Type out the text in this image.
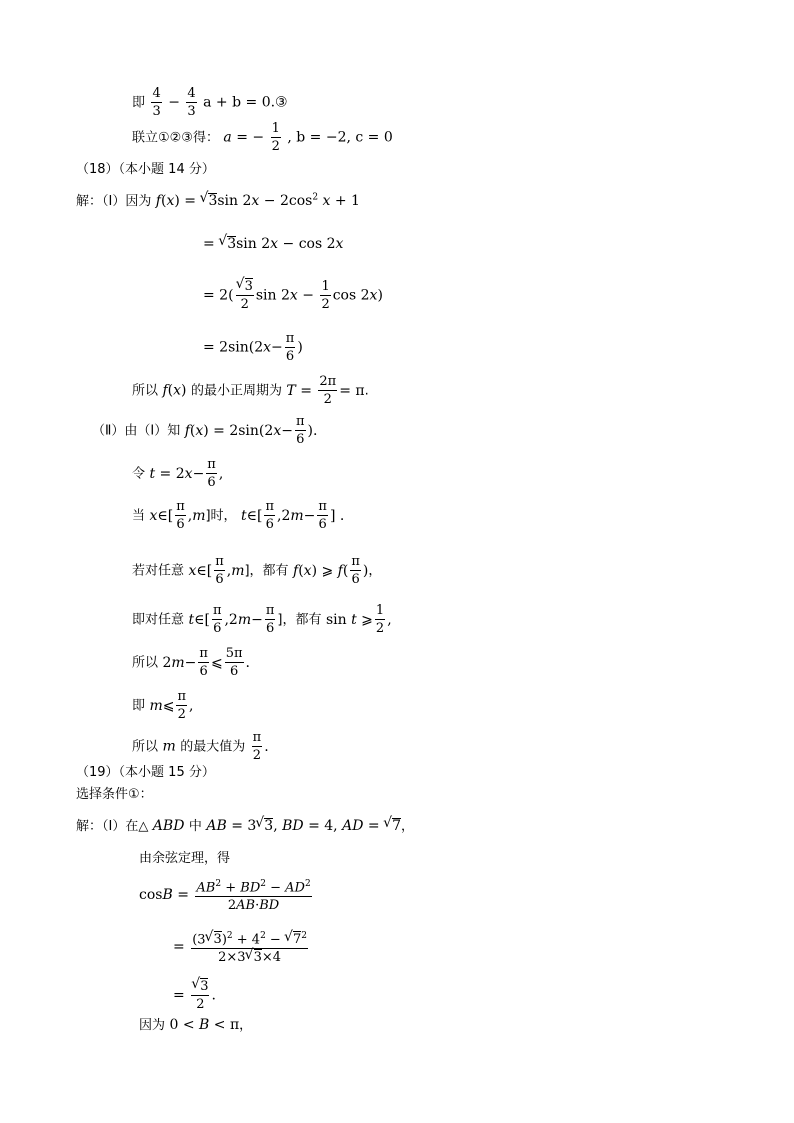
即 $\frac{4}{3} - \frac{4}{3}$ a + b = 0.③
联立①②③得： a = − $\frac{1}{2}$ , b = −2, c = 0
（18）（本小题 14 分）
解：（Ⅰ）因为 f(x) = √ 3sin $2x - 2\cos^2$ x + 1
= √ 3sin 2x − cos 2x
= 2( √ $\frac{3}{2}$ $\sin 2x - \frac{1}{2}$ cos 2x)
= $2\sin(2x- \frac{\pi}{6}$ )
所以 f(x) 的最小正周期为 $T = \frac{2\pi}{2} = \pi$.
（Ⅱ）由（Ⅰ）知 $f(x) = 2\sin(2x- \frac{\pi}{6}$ ).
令 $t = 2x- \frac{\pi}{6}$ ,
当 x∈[ $\frac{\pi}{6} ,m$]时， t∈[ $\frac{\pi}{6} ,2m- \frac{\pi}{6}$ ] .
若对任意 x∈[ $\frac{\pi}{6} ,m$]，都有 f(x) ⩾ $f( \frac{\pi}{6}$ )，
即对任意 t∈[ $\frac{\pi}{6} ,2m- \frac{\pi}{6}$ ]，都有 sin t ⩾ $\frac{1}{2}$ ,
所以 $2m- \frac{\pi}{6}$ ⩽ $\frac{5\pi}{6}$ .
即 m⩽ $\frac{\pi}{2}$ ,
所以 m 的最大值为 $\frac{\pi}{2}$ .
（19）（本小题 15 分）
选择条件①：
解：（Ⅰ）在△ ABD 中 AB = 3 √ 3, BD = 4, AD = √ 7，
由余弦定理，得
$\cos B = \frac{AB^2 + BD^2 - AD^2}{2AB\cdot BD}$
= $\frac{(3 √ 3)^2 + 4^2 - √ 7^2}{2\times 3 √ 3\times 4}$
= √ $\frac{3}{2}$ .
因为 0 < B < π，
